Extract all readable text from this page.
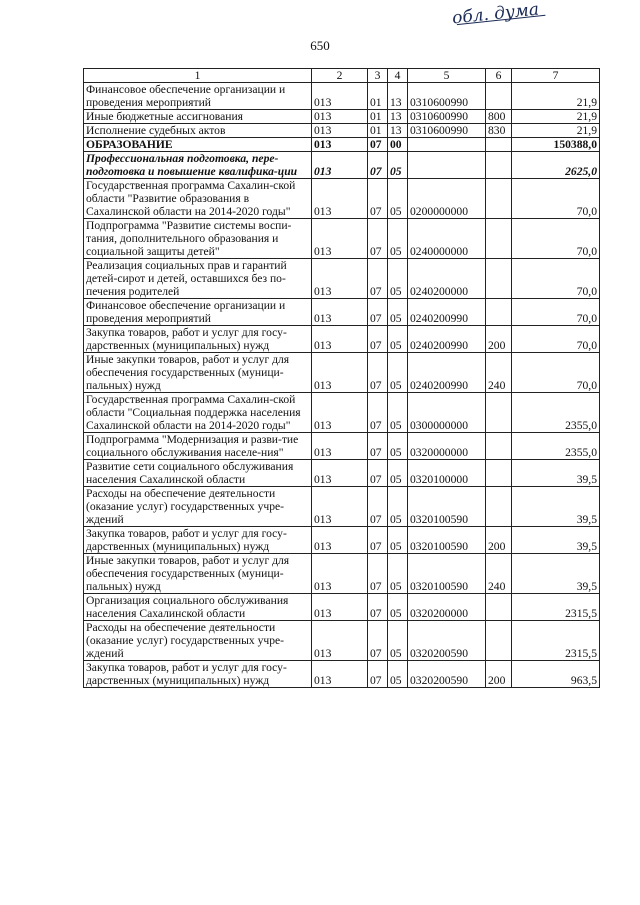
650
обл. дума
1	2	3	4	5	6	7
Финансовое обеспечение организации и проведения мероприятий	013	01	13	0310600990		21,9
Иные бюджетные ассигнования	013	01	13	0310600990	800	21,9
Исполнение судебных актов	013	01	13	0310600990	830	21,9
ОБРАЗОВАНИЕ	013	07	00			150388,0
Профессиональная подготовка, пере-подготовка и повышение квалифика-ции	013	07	05			2625,0
Государственная программа Сахалин-ской области "Развитие образования в Сахалинской области на 2014-2020 годы"	013	07	05	0200000000		70,0
Подпрограмма "Развитие системы воспи-тания, дополнительного образования и социальной защиты детей"	013	07	05	0240000000		70,0
Реализация социальных прав и гарантий детей-сирот и детей, оставшихся без по-печения родителей	013	07	05	0240200000		70,0
Финансовое обеспечение организации и проведения мероприятий	013	07	05	0240200990		70,0
Закупка товаров, работ и услуг для госу-дарственных (муниципальных) нужд	013	07	05	0240200990	200	70,0
Иные закупки товаров, работ и услуг для обеспечения государственных (муници-пальных) нужд	013	07	05	0240200990	240	70,0
Государственная программа Сахалин-ской области "Социальная поддержка населения Сахалинской области на 2014-2020 годы"	013	07	05	0300000000		2355,0
Подпрограмма "Модернизация и разви-тие социального обслуживания населе-ния"	013	07	05	0320000000		2355,0
Развитие сети социального обслуживания населения Сахалинской области	013	07	05	0320100000		39,5
Расходы на обеспечение деятельности (оказание услуг) государственных учре-ждений	013	07	05	0320100590		39,5
Закупка товаров, работ и услуг для госу-дарственных (муниципальных) нужд	013	07	05	0320100590	200	39,5
Иные закупки товаров, работ и услуг для обеспечения государственных (муници-пальных) нужд	013	07	05	0320100590	240	39,5
Организация социального обслуживания населения Сахалинской области	013	07	05	0320200000		2315,5
Расходы на обеспечение деятельности (оказание услуг) государственных учре-ждений	013	07	05	0320200590		2315,5
Закупка товаров, работ и услуг для госу-дарственных (муниципальных) нужд	013	07	05	0320200590	200	963,5
